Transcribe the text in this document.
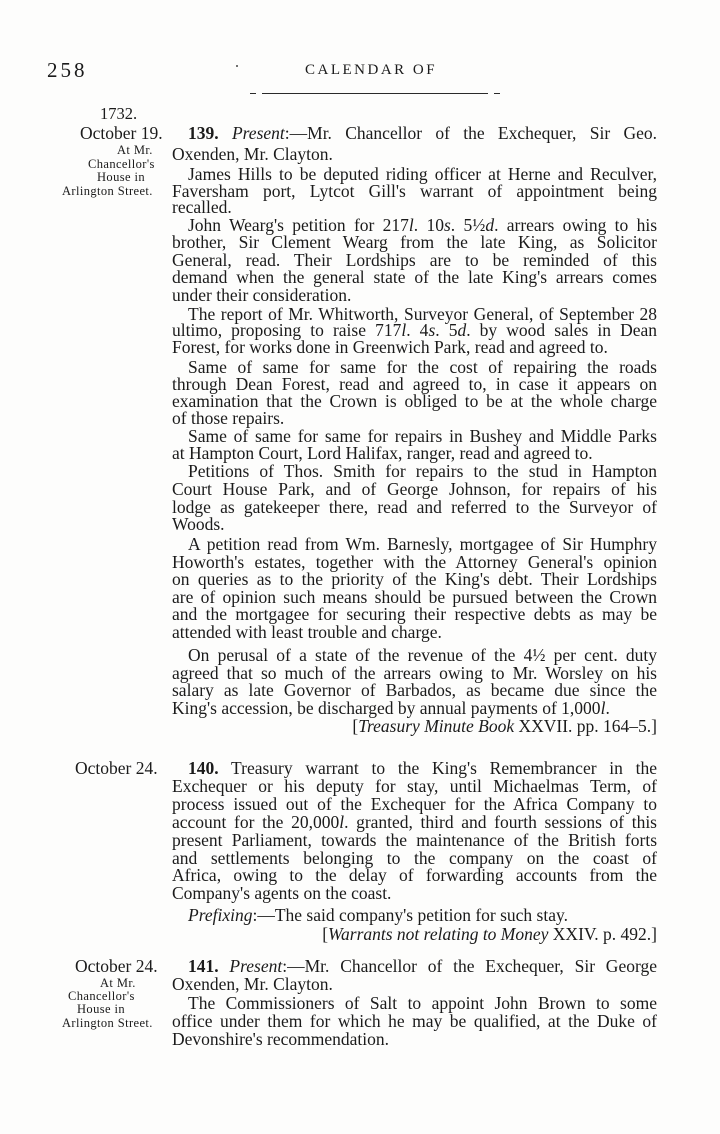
258	CALENDAR OF
1732.
October 19.
At Mr.
Chancellor's
House in
Arlington Street.
139. Present:—Mr. Chancellor of the Exchequer, Sir Geo.
Oxenden, Mr. Clayton.
James Hills to be deputed riding officer at Herne and Reculver,
Faversham port, Lytcot Gill's warrant of appointment being
recalled.
John Wearg's petition for 217l. 10s. 5½d. arrears owing to his
brother, Sir Clement Wearg from the late King, as Solicitor
General, read. Their Lordships are to be reminded of this
demand when the general state of the late King's arrears comes
under their consideration.
The report of Mr. Whitworth, Surveyor General, of September 28
ultimo, proposing to raise 717l. 4s. 5d. by wood sales in Dean
Forest, for works done in Greenwich Park, read and agreed to.
Same of same for same for the cost of repairing the roads
through Dean Forest, read and agreed to, in case it appears on
examination that the Crown is obliged to be at the whole charge
of those repairs.
Same of same for same for repairs in Bushey and Middle Parks
at Hampton Court, Lord Halifax, ranger, read and agreed to.
Petitions of Thos. Smith for repairs to the stud in Hampton
Court House Park, and of George Johnson, for repairs of his
lodge as gatekeeper there, read and referred to the Surveyor of
Woods.
A petition read from Wm. Barnesly, mortgagee of Sir Humphry
Howorth's estates, together with the Attorney General's opinion
on queries as to the priority of the King's debt. Their Lordships
are of opinion such means should be pursued between the Crown
and the mortgagee for securing their respective debts as may be
attended with least trouble and charge.
On perusal of a state of the revenue of the 4½ per cent. duty
agreed that so much of the arrears owing to Mr. Worsley on his
salary as late Governor of Barbados, as became due since the
King's accession, be discharged by annual payments of 1,000l.
[Treasury Minute Book XXVII. pp. 164–5.]
October 24. 140. Treasury warrant to the King's Remembrancer in the
Exchequer or his deputy for stay, until Michaelmas Term, of
process issued out of the Exchequer for the Africa Company to
account for the 20,000l. granted, third and fourth sessions of this
present Parliament, towards the maintenance of the British forts
and settlements belonging to the company on the coast of
Africa, owing to the delay of forwarding accounts from the
Company's agents on the coast.
Prefixing:—The said company's petition for such stay.
[Warrants not relating to Money XXIV. p. 492.]
October 24.
At Mr.
Chancellor's
House in
Arlington Street.
141. Present:—Mr. Chancellor of the Exchequer, Sir George
Oxenden, Mr. Clayton.
The Commissioners of Salt to appoint John Brown to some
office under them for which he may be qualified, at the Duke of
Devonshire's recommendation.
